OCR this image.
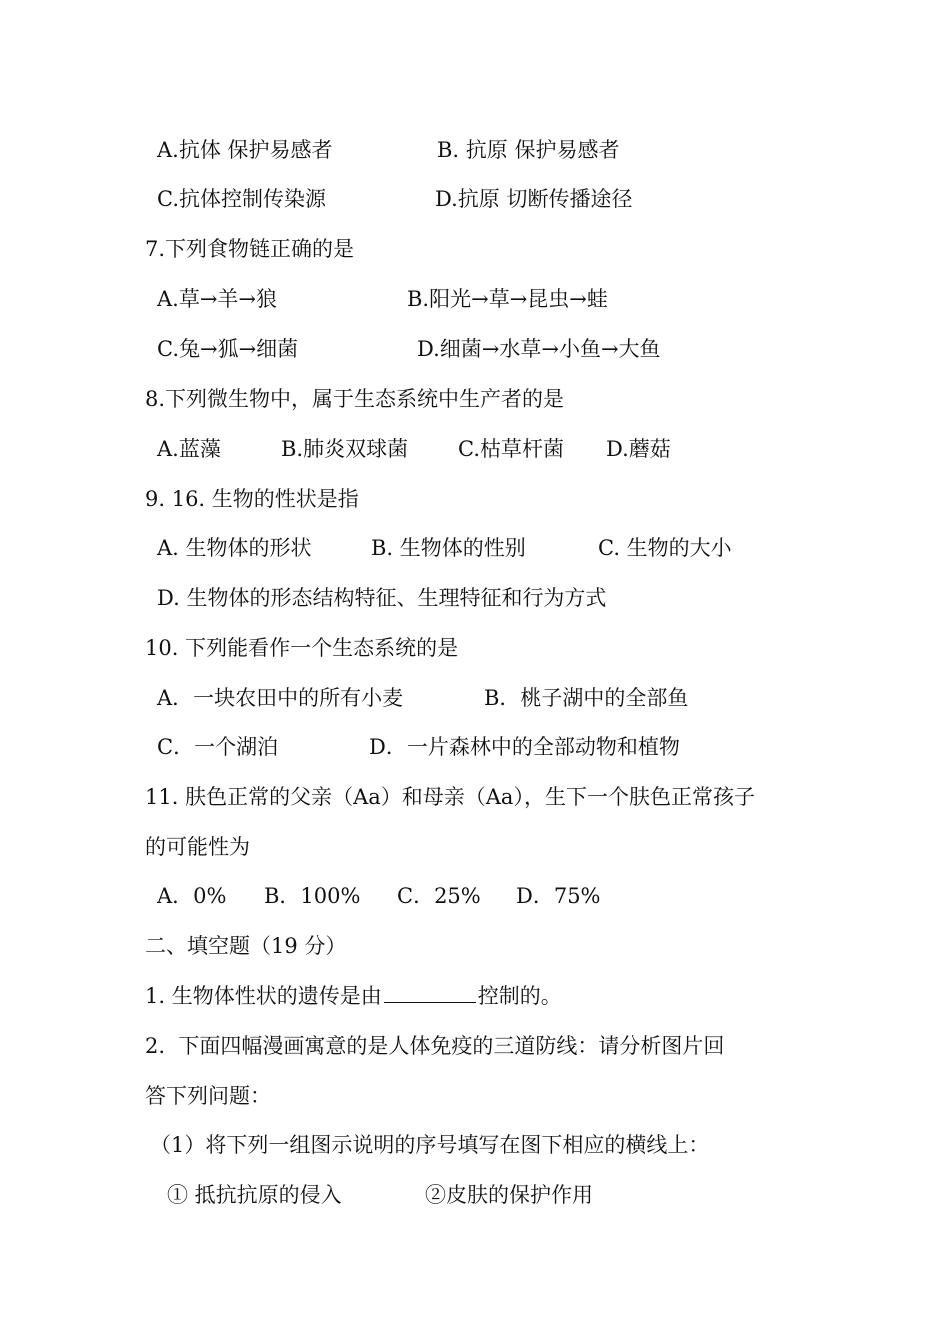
A.抗体 保护易感者	B. 抗原 保护易感者
C.抗体控制传染源	D.抗原 切断传播途径
7.下列食物链正确的是
A.草→羊→狼	B.阳光→草→昆虫→蛙
C.兔→狐→细菌	D.细菌→水草→小鱼→大鱼
8.下列微生物中，属于生态系统中生产者的是
A.蓝藻	B.肺炎双球菌 C.枯草杆菌 D.蘑菇
9. 16. 生物的性状是指
A. 生物体的形状	B. 生物体的性别	C. 生物的大小
D. 生物体的形态结构特征、生理特征和行为方式
10. 下列能看作一个生态系统的是
A．一块农田中的所有小麦	B．桃子湖中的全部鱼
C．一个湖泊	D．一片森林中的全部动物和植物
11. 肤色正常的父亲（Aa）和母亲（Aa），生下一个肤色正常孩子
的可能性为
A．0% B．100% C．25% D．75%
二、填空题（19 分）
1. 生物体性状的遗传是由	控制的。
2.  下面四幅漫画寓意的是人体免疫的三道防线：请分析图片回
答下列问题：
（1）将下列一组图示说明的序号填写在图下相应的横线上：
① 抵抗抗原的侵入	②皮肤的保护作用
